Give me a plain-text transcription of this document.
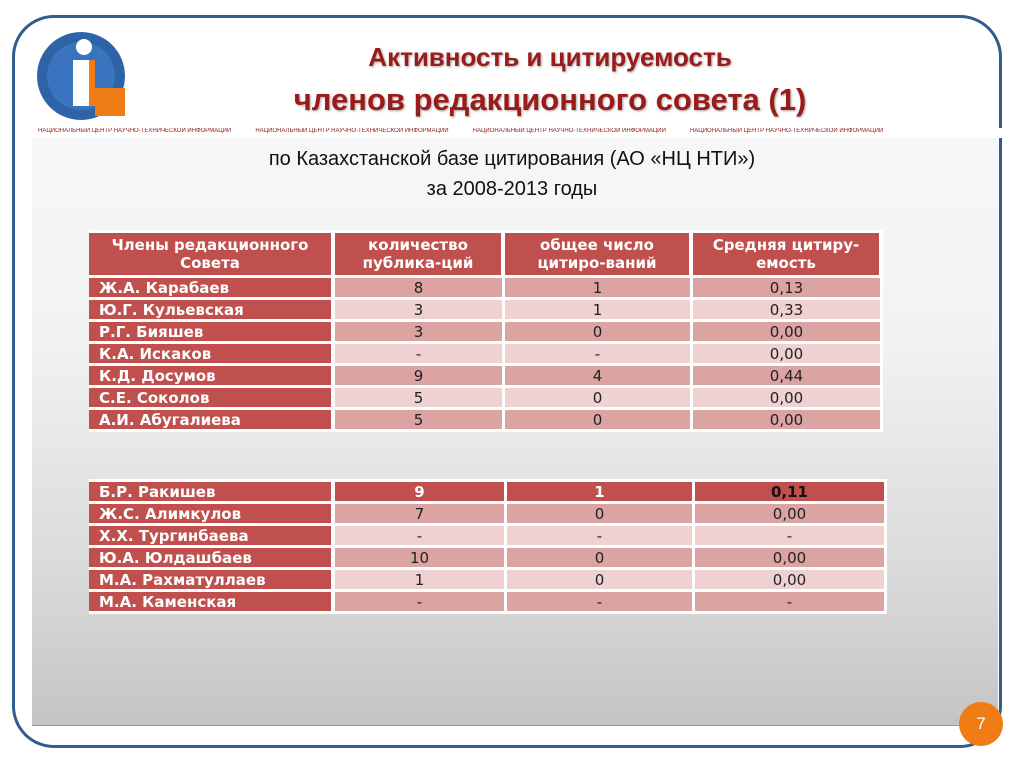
Активность и цитируемость
членов редакционного совета (1)
НАЦИОНАЛЬНЫЙ ЦЕНТР НАУЧНО-ТЕХНИЧЕСКОЙ ИНФОРМАЦИИ	НАЦИОНАЛЬНЫЙ ЦЕНТР НАУЧНО-ТЕХНИЧЕСКОЙ ИНФОРМАЦИИ	НАЦИОНАЛЬНЫЙ ЦЕНТР НАУЧНО-ТЕХНИЧЕСКОЙ ИНФОРМАЦИИ	НАЦИОНАЛЬНЫЙ ЦЕНТР НАУЧНО-ТЕХНИЧЕСКОЙ ИНФОРМАЦИИ
по Казахстанской базе цитирования (АО «НЦ НТИ»)
за 2008-2013 годы
Члены редакционного Совета	количество публика-ций	общее число цитиро-ваний	Средняя цитиру-емость
Ж.А. Карабаев	8	1	0,13
Ю.Г. Кульевская	3	1	0,33
Р.Г. Бияшев	3	0	0,00
К.А. Искаков	-	-	0,00
К.Д. Досумов	9	4	0,44
С.Е. Соколов	5	0	0,00
А.И. Абугалиева	5	0	0,00
Б.Р. Ракишев	9	1	0,11
Ж.С. Алимкулов	7	0	0,00
Х.Х. Тургинбаева	-	-	-
Ю.А. Юлдашбаев	10	0	0,00
М.А. Рахматуллаев	1	0	0,00
М.А. Каменская	-	-	-
7
